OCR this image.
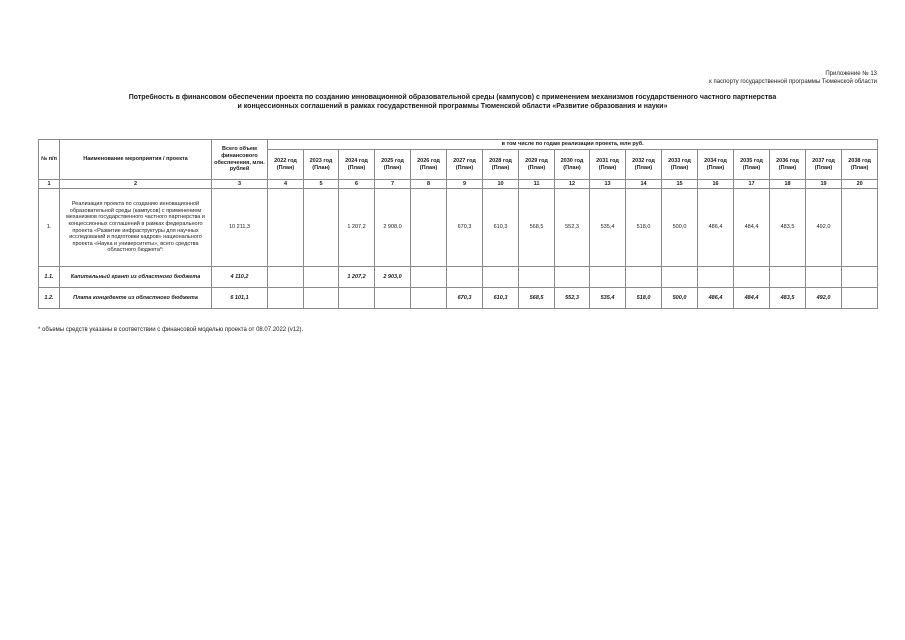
Приложение № 13
к паспорту государственной программы Тюменской области
Потребность в финансовом обеспечении проекта по созданию инновационной образовательной среды (кампусов) с применением механизмов государственного частного партнерства
и концессионных соглашений в рамках государственной программы Тюменской области «Развитие образования и науки»
№ п/п	Наименование мероприятия / проекта	Всего объем финансового обеспечения, млн. рублей	в том числе по годам реализации проекта, млн руб.																
			2022 год (План)	2023 год (План)	2024 год (План)	2025 год (План)	2026 год (План)	2027 год (План)	2028 год (План)	2029 год (План)	2030 год (План)	2031 год (План)	2032 год (План)	2033 год (План)	2034 год (План)	2035 год (План)	2036 год (План)	2037 год (План)	2038 год (План)
1	2	3	4	5	6	7	8	9	10	11	12	13	14	15	16	17	18	19	20
1.	Реализация проекта по созданию инновационной образовательной среды (кампусов) с применением механизмов государственного частного партнерства и концессионных соглашений в рамках федерального проекта «Развитие инфраструктуры для научных исследований и подготовки кадров» национального проекта «Наука и университеты», всего средства областного бюджета*:	10 211,3			1 207,2	2 908,0		670,3	610,3	568,5	552,3	535,4	518,0	500,0	486,4	484,4	483,5	492,0	
1.1.	Капитальный грант из областного бюджета	4 110,2			1 207,2	2 903,0													
1.2.	Плата концеденте из областного бюджета	6 101,1						670,3	610,3	568,5	552,3	535,4	518,0	500,0	486,4	484,4	483,5	492,0	
* объемы средств указаны в соответствии с финансовой моделью проекта от 08.07.2022 (v12).
